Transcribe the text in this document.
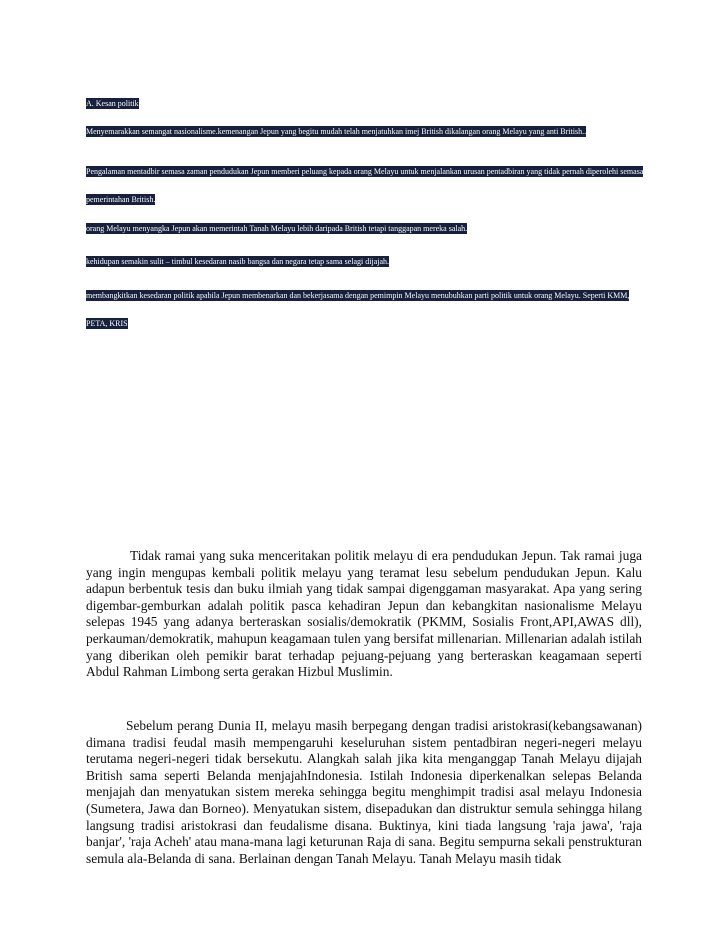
A. Kesan politik
Menyemarakkan semangat nasionalisme.kemenangan Jepun yang begitu mudah telah menjatuhkan imej British dikalangan orang Melayu yang anti British..
Pengalaman mentadbir semasa zaman pendudukan Jepun memberi peluang kepada orang Melayu untuk menjalankan urusan pentadbiran yang tidak pernah diperolehi semasa
pemerintahan British.
orang Melayu menyangka Jepun akan memerintah Tanah Melayu lebih daripada British tetapi tanggapan mereka salah.
kehidupan semakin sulit – timbul kesedaran nasib bangsa dan negara tetap sama selagi dijajah.
membangkitkan kesedaran politik apabila Jepun membenarkan dan bekerjasama dengan pemimpin Melayu menubuhkan parti politik untuk orang Melayu. Seperti KMM,
PETA, KRIS
Tidak ramai yang suka menceritakan politik melayu di era pendudukan Jepun. Tak ramai juga yang ingin mengupas kembali politik melayu yang teramat lesu sebelum pendudukan Jepun. Kalu adapun berbentuk tesis dan buku ilmiah yang tidak sampai digenggaman masyarakat. Apa yang sering digembar-gemburkan adalah politik pasca kehadiran Jepun dan kebangkitan nasionalisme Melayu selepas 1945 yang adanya berteraskan sosialis/demokratik (PKMM, Sosialis Front,API,AWAS dll), perkauman/demokratik, mahupun keagamaan tulen yang bersifat millenarian. Millenarian adalah istilah yang diberikan oleh pemikir barat terhadap pejuang-pejuang yang berteraskan keagamaan seperti Abdul Rahman Limbong serta gerakan Hizbul Muslimin.
Sebelum perang Dunia II, melayu masih berpegang dengan tradisi aristokrasi(kebangsawanan) dimana tradisi feudal masih mempengaruhi keseluruhan sistem pentadbiran negeri-negeri melayu terutama negeri-negeri tidak bersekutu. Alangkah salah jika kita menganggap Tanah Melayu dijajah British sama seperti Belanda menjajahIndonesia. Istilah Indonesia diperkenalkan selepas Belanda menjajah dan menyatukan sistem mereka sehingga begitu menghimpit tradisi asal melayu Indonesia (Sumetera, Jawa dan Borneo). Menyatukan sistem, disepadukan dan distruktur semula sehingga hilang langsung tradisi aristokrasi dan feudalisme disana. Buktinya, kini tiada langsung 'raja jawa', 'raja banjar', 'raja Acheh' atau mana-mana lagi keturunan Raja di sana. Begitu sempurna sekali penstrukturan semula ala-Belanda di sana. Berlainan dengan Tanah Melayu. Tanah Melayu masih tidak
